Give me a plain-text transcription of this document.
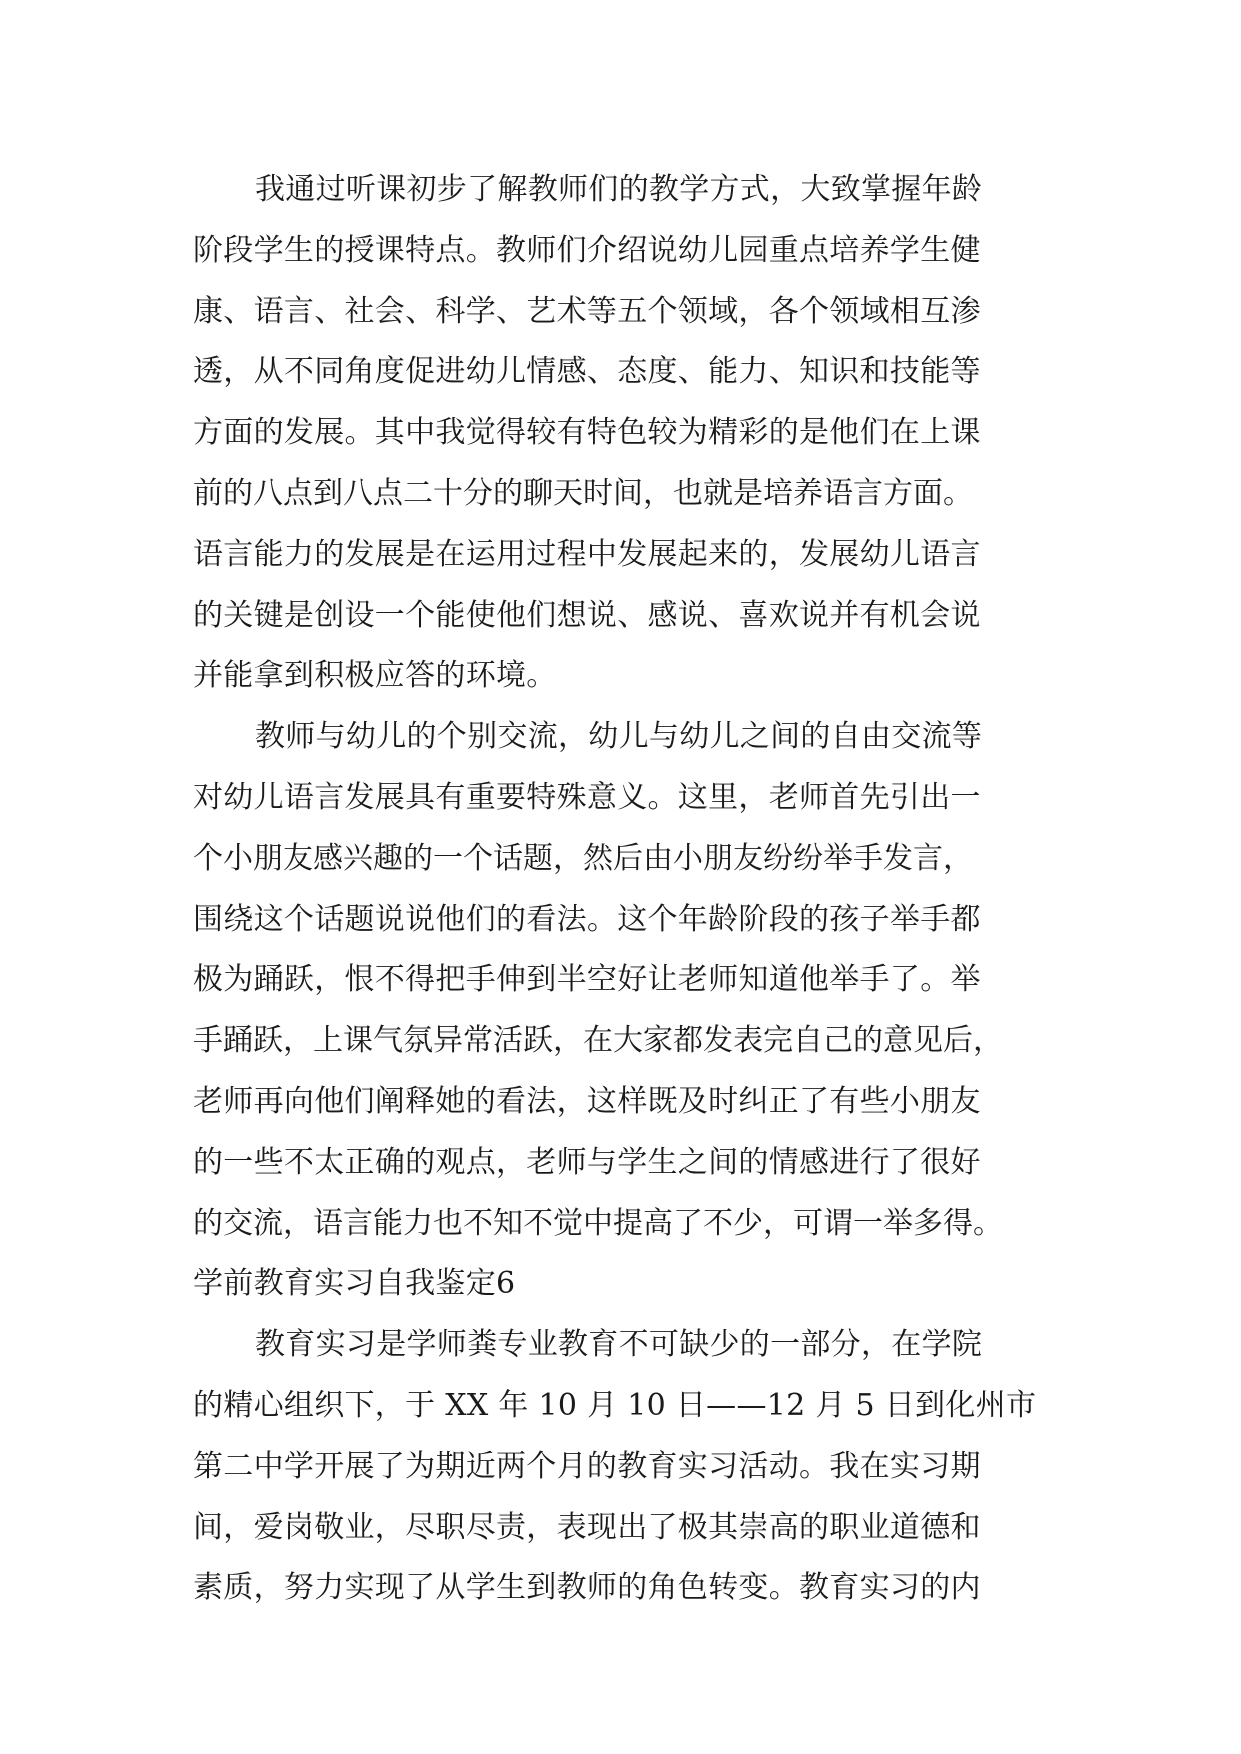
我通过听课初步了解教师们的教学方式，大致掌握年龄
阶段学生的授课特点。教师们介绍说幼儿园重点培养学生健
康、语言、社会、科学、艺术等五个领域，各个领域相互渗
透，从不同角度促进幼儿情感、态度、能力、知识和技能等
方面的发展。其中我觉得较有特色较为精彩的是他们在上课
前的八点到八点二十分的聊天时间，也就是培养语言方面。
语言能力的发展是在运用过程中发展起来的，发展幼儿语言
的关键是创设一个能使他们想说、感说、喜欢说并有机会说
并能拿到积极应答的环境。
教师与幼儿的个别交流，幼儿与幼儿之间的自由交流等
对幼儿语言发展具有重要特殊意义。这里，老师首先引出一
个小朋友感兴趣的一个话题，然后由小朋友纷纷举手发言，
围绕这个话题说说他们的看法。这个年龄阶段的孩子举手都
极为踊跃，恨不得把手伸到半空好让老师知道他举手了。举
手踊跃，上课气氛异常活跃，在大家都发表完自己的意见后，
老师再向他们阐释她的看法，这样既及时纠正了有些小朋友
的一些不太正确的观点，老师与学生之间的情感进行了很好
的交流，语言能力也不知不觉中提高了不少，可谓一举多得。
学前教育实习自我鉴定6
教育实习是学师粪专业教育不可缺少的一部分，在学院
的精心组织下，于 XX 年 10 月 10 日——12 月 5 日到化州市
第二中学开展了为期近两个月的教育实习活动。我在实习期
间，爱岗敬业，尽职尽责，表现出了极其崇高的职业道德和
素质，努力实现了从学生到教师的角色转变。教育实习的内
